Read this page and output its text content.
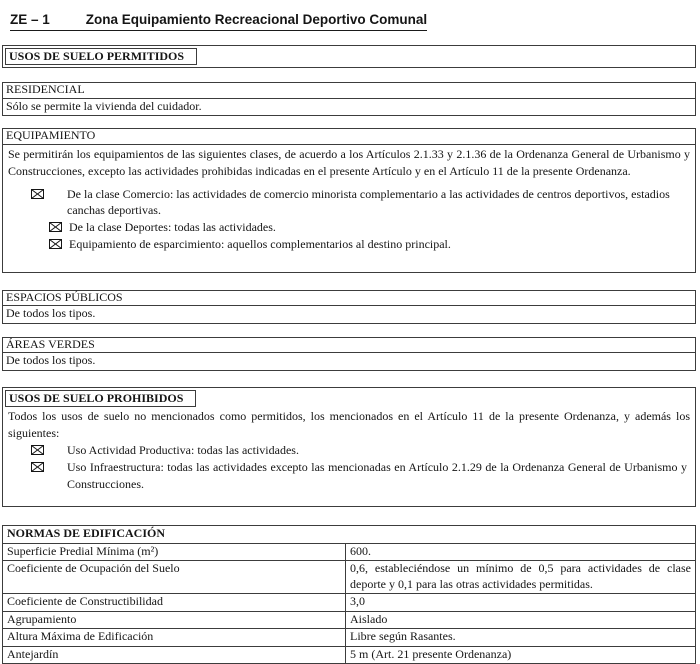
ZE – 1	Zona Equipamiento Recreacional Deportivo Comunal
USOS DE SUELO PERMITIDOS
RESIDENCIAL
Sólo se permite la vivienda del cuidador.
EQUIPAMIENTO

Se permitirán los equipamientos de las siguientes clases, de acuerdo a los Artículos 2.1.33 y 2.1.36 de la Ordenanza General de Urbanismo y Construcciones, excepto las actividades prohibidas indicadas en el presente Artículo y en el Artículo 11 de la presente Ordenanza.

De la clase Comercio: las actividades de comercio minorista complementario a las actividades de centros deportivos, estadios canchas deportivas.
De la clase Deportes: todas las actividades.
Equipamiento de esparcimiento: aquellos complementarios al destino principal.
ESPACIOS PÚBLICOS
De todos los tipos.
ÁREAS VERDES
De todos los tipos.
USOS DE SUELO PROHIBIDOS

Todos los usos de suelo no mencionados como permitidos, los mencionados en el Artículo 11 de la presente Ordenanza, y además los siguientes:

Uso Actividad Productiva: todas las actividades.
Uso Infraestructura: todas las actividades excepto las mencionadas en Artículo 2.1.29 de la Ordenanza General de Urbanismo y Construcciones.
NORMAS DE EDIFICACIÓN	
Superficie Predial Mínima (m²)	600.
Coeficiente de Ocupación del Suelo	0,6, estableciéndose un mínimo de 0,5 para actividades de clase deporte y 0,1 para las otras actividades permitidas.
Coeficiente de Constructibilidad	3,0
Agrupamiento	Aislado
Altura Máxima de Edificación	Libre según Rasantes.
Antejardín	5 m (Art. 21 presente Ordenanza)
